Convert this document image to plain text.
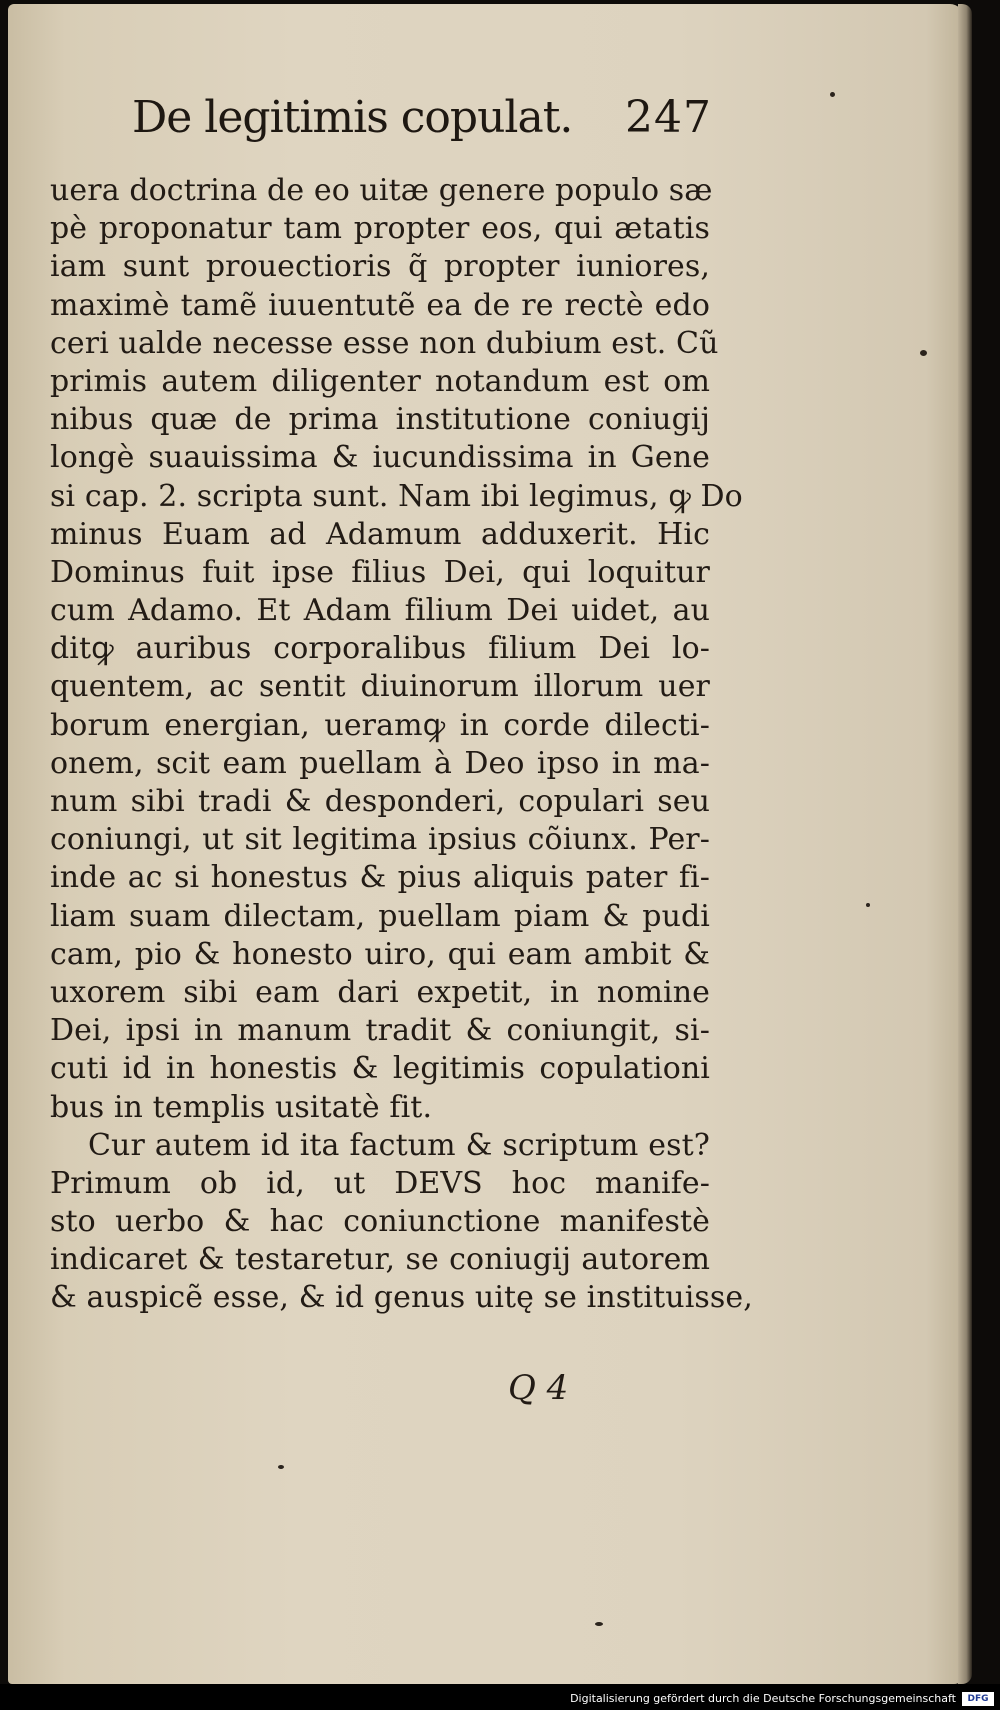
De legitimis copulat. 247
uera doctrina de eo uitæ genere populo sæ
pè proponatur tam propter eos, qui ætatis
iam sunt prouectioris q̃ propter iuniores,
maximè tamẽ iuuentutẽ ea de re rectè edo
ceri ualde necesse esse non dubium est. Cũ
primis autem diligenter notandum est om
nibus quæ de prima institutione coniugij
longè suauissima & iucundissima in Gene
si cap. 2. scripta sunt. Nam ibi legimus, ꝙ Do
minus Euam ad Adamum adduxerit. Hic
Dominus fuit ipse filius Dei, qui loquitur
cum Adamo. Et Adam filium Dei uidet, au
ditꝙ auribus corporalibus filium Dei lo-
quentem, ac sentit diuinorum illorum uer
borum energian, ueramꝙ in corde dilecti-
onem, scit eam puellam à Deo ipso in ma-
num sibi tradi & desponderi, copulari seu
coniungi, ut sit legitima ipsius cõiunx. Per-
inde ac si honestus & pius aliquis pater fi-
liam suam dilectam, puellam piam & pudi
cam, pio & honesto uiro, qui eam ambit &
uxorem sibi eam dari expetit, in nomine
Dei, ipsi in manum tradit & coniungit, si-
cuti id in honestis & legitimis copulationi
bus in templis usitatè fit.
Cur autem id ita factum & scriptum est?
Primum ob id, ut DEVS hoc manife-
sto uerbo & hac coniunctione manifestè
indicaret & testaretur, se coniugij autorem
& auspicẽ esse, & id genus uitę se instituisse,
Q 4
Digitalisierung gefördert durch die Deutsche Forschungsgemeinschaft	DFG
